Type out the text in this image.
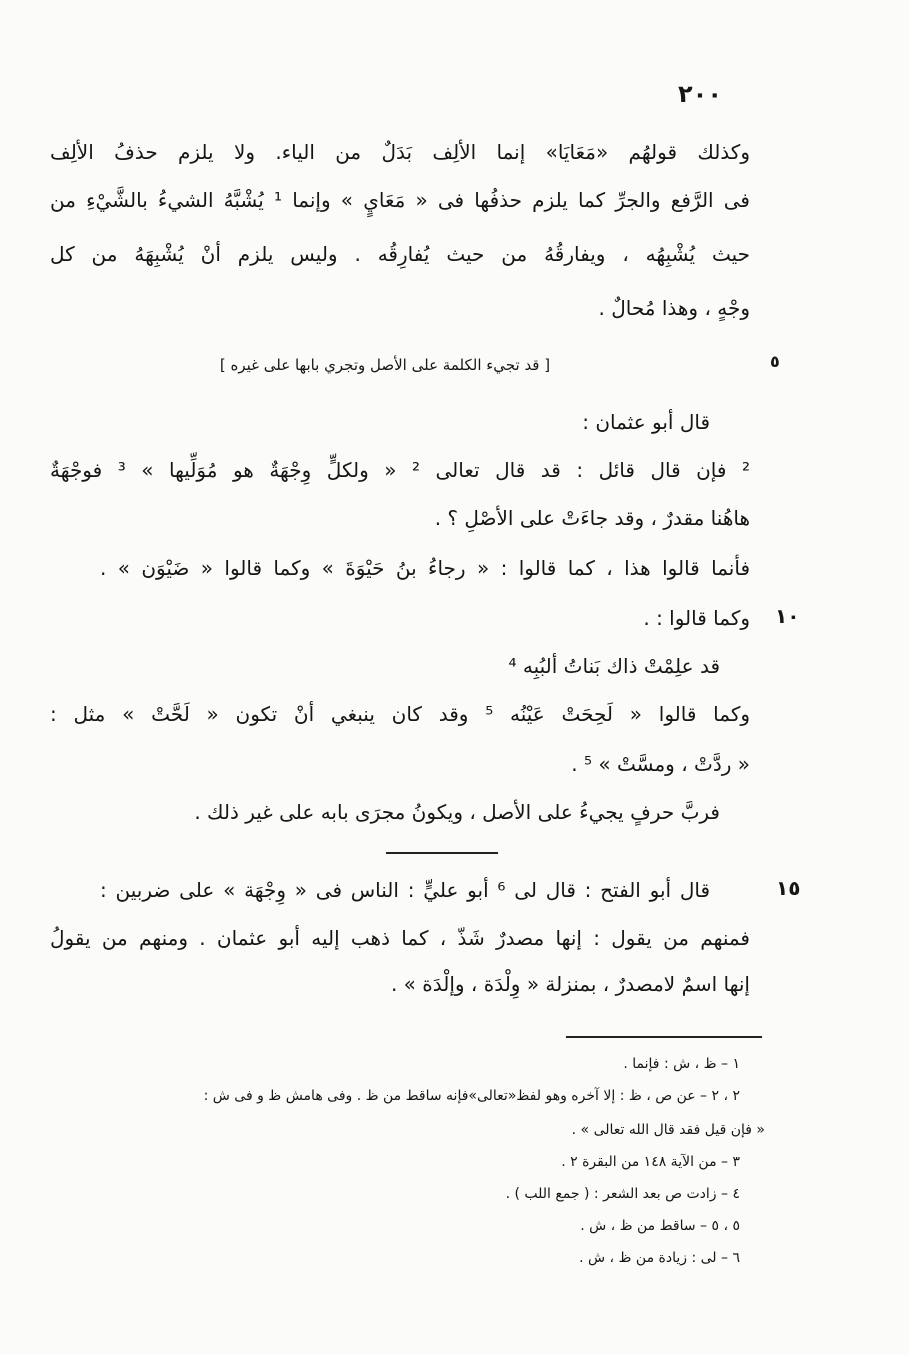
٢٠٠
وكذلك قولهُم «مَعَايَا» إنما الألِف بَدَلٌ من الياء. ولا يلزم حذفُ الألِف
فى الرَّفع والجرِّ كما يلزم حذفُها فى « مَعَايٍ » وإنما ¹ يُشْبَّهُ الشيءُ بالشَّيْءِ من
حيث يُشْبِهُه ، ويفارقُهُ من حيث يُفارِقُه . وليس يلزم أنْ يُشْبِهَهُ من كل
وجْهٍ ، وهذا مُحالٌ .
٥
[ قد تجيء الكلمة على الأصل وتجري بابها على غيره ]
قال أبو عثمان :
² فإن قال قائل : قد قال تعالى ² « ولكلٍّ وِجْهَةٌ هو مُوَلِّيها » ³ فوجْهَةٌ
هاهُنا مقدرٌ ، وقد جاءَتْ على الأصْلِ ؟ .
فأنما قالوا هذا ، كما قالوا : « رجاءُ بنُ حَيْوَةَ » وكما قالوا « ضَيْوَن » .
١٠
وكما قالوا : .
قد علِمْتْ ذاك بَناتُ ألبُبِه ⁴
وكما قالوا « لَحِحَتْ عَيْنُه ⁵ وقد كان ينبغي أنْ تكون « لَحَّتْ » مثل :
« ردَّتْ ، ومسَّتْ » ⁵ .
فربَّ حرفٍ يجيءُ على الأصل ، ويكونُ مجرَى بابه على غير ذلك .
١٥
قال أبو الفتح : قال لى ⁶ أبو عليٍّ : الناس فى « وِجْهَة » على ضربين :
فمنهم من يقول : إنها مصدرٌ شَذّ ، كما ذهب إليه أبو عثمان . ومنهم من يقولُ
إنها اسمٌ لامصدرٌ ، بمنزلة « وِلْدَة ، وإلْدَة » .
١ – ظ ، ش : فإنما .
٢ ، ٢ – عن ص ، ظ : إلا آخره وهو لفظ«تعالى»فإنه ساقط من ظ . وفى هامش ظ و فى ش :
« فإن قيل فقد قال الله تعالى » .
٣ – من الآية ١٤٨ من البقرة ٢ .
٤ – زادت ص بعد الشعر : ( جمع اللب ) .
٥ ، ٥ – ساقط من ظ ، ش .
٦ – لى : زيادة من ظ ، ش .
